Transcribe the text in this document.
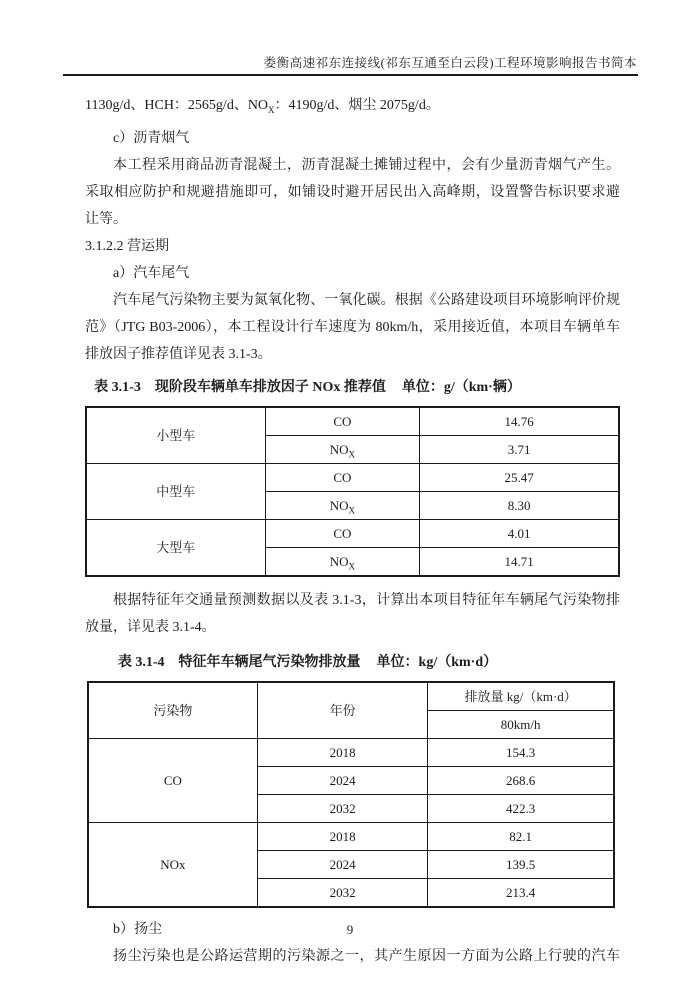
娄衡高速祁东连接线(祁东互通至白云段)工程环境影响报告书简本
1130g/d、HCH：2565g/d、$NO_X$：4190g/d、烟尘 2075g/d。
c）沥青烟气
本工程采用商品沥青混凝土，沥青混凝土摊铺过程中，会有少量沥青烟气产生。
采取相应防护和规避措施即可，如铺设时避开居民出入高峰期，设置警告标识要求避
让等。
3.1.2.2 营运期
a）汽车尾气
汽车尾气污染物主要为氮氧化物、一氧化碳。根据《公路建设项目环境影响评价规
范》（JTG B03-2006），本工程设计行车速度为 80km/h，采用接近值，本项目车辆单车
排放因子推荐值详见表 3.1-3。
表 3.1-3 现阶段车辆单车排放因子 NOx 推荐值 单位：g/（km·辆）
小型车	CO	14.76
	$NO_X$	3.71
中型车	CO	25.47
	$NO_X$	8.30
大型车	CO	4.01
	$NO_X$	14.71
根据特征年交通量预测数据以及表 3.1-3，计算出本项目特征年车辆尾气污染物排
放量，详见表 3.1-4。
表 3.1-4 特征年车辆尾气污染物排放量 单位：kg/（km·d）
污染物	年份	排放量 kg/（km·d）
		80km/h
CO	2018	154.3
	2024	268.6
	2032	422.3
NOx	2018	82.1
	2024	139.5
	2032	213.4
b）扬尘
扬尘污染也是公路运营期的污染源之一，其产生原因一方面为公路上行驶的汽车
9
